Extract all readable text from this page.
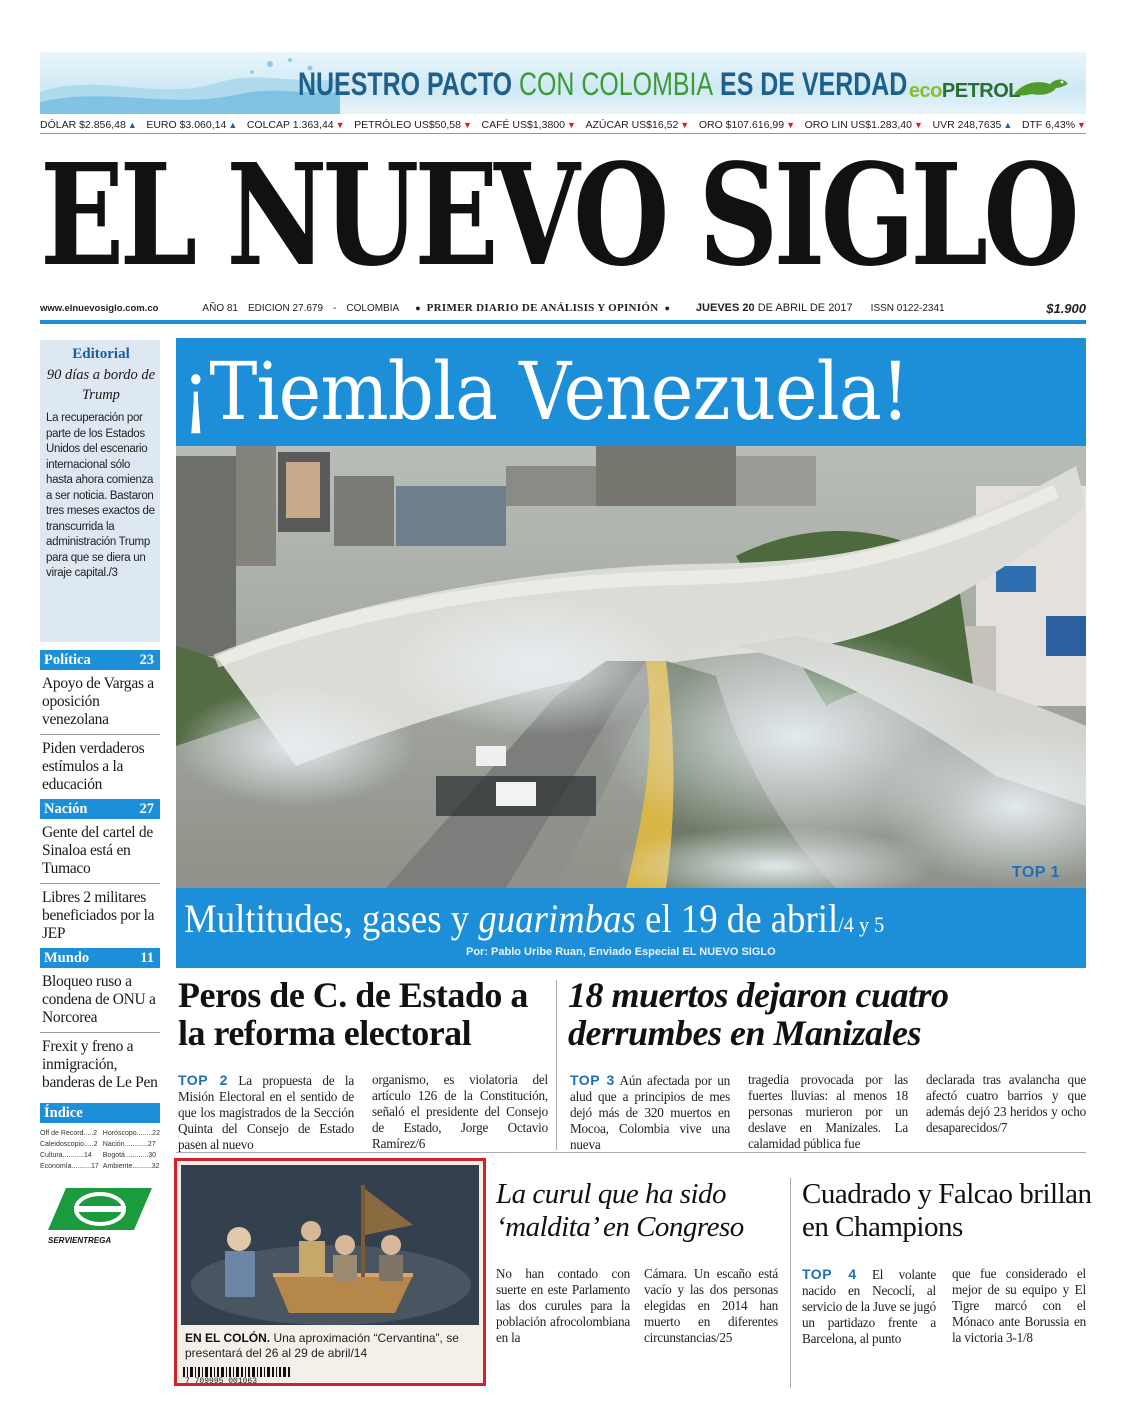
NUESTRO PACTO CON COLOMBIA ES DE VERDAD ecoPETROL
DÓLAR $2.856,48 ▲ EURO $3.060,14 ▲ COLCAP 1.363,44 ▼ PETRÓLEO US$50,58 ▼ CAFÉ US$1,3800 ▼ AZÚCAR US$16,52 ▼ ORO $107.616,99 ▼ ORO LIN US$1.283,40 ▼ UVR 248,7635 ▲ DTF 6,43% ▼
EL NUEVO SIGLO
www.elnuevosiglo.com.co	AÑO 81 EDICION 27.679 - COLOMBIA ● PRIMER DIARIO DE ANÁLISIS Y OPINIÓN ● JUEVES 20 DE ABRIL DE 2017 ISSN 0122-2341	$1.900
Editorial
90 días a bordo de Trump
La recuperación por parte de los Estados Unidos del escenario internacional sólo hasta ahora comienza a ser noticia. Bastaron tres meses exactos de transcurrida la administración Trump para que se diera un viraje capital./3
Política	23
Apoyo de Vargas a oposición venezolana
Piden verdaderos estímulos a la educación
Nación	27
Gente del cartel de Sinaloa está en Tumaco
Libres 2 militares beneficiados por la JEP
Mundo	11
Bloqueo ruso a condena de ONU a Norcorea
Frexit y freno a inmigración, banderas de Le Pen
Índice
Off de Record.....2 Horóscopo........22
Caleidoscopio.....2 Nación............27
Cultura...........14	Bogotá............30
Economía..........17 Ambiente..........32
SERVIENTREGA
¡Tiembla Venezuela!
TOP 1
Multitudes, gases y guarimbas el 19 de abril/4 y 5
Por: Pablo Uribe Ruan, Enviado Especial EL NUEVO SIGLO
Peros de C. de Estado a la reforma electoral
18 muertos dejaron cuatro derrumbes en Manizales
TOP 2 La propuesta de la Misión Electoral en el sentido de que los magistrados de la Sección Quinta del Consejo de Estado pasen al nuevo
organismo, es violatoria del artículo 126 de la Constitución, señaló el presidente del Consejo de Estado, Jorge Octavio Ramírez/6
TOP 3 Aún afectada por un alud que a principios de mes dejó más de 320 muertos en Mocoa, Colombia vive una nueva
tragedia provocada por las fuertes lluvias: al menos 18 personas murieron por un deslave en Manizales. La calamidad pública fue
declarada tras avalancha que afectó cuatro barrios y que además dejó 23 heridos y ocho desaparecidos/7
EN EL COLÓN. Una aproximación “Cervantina”, se presentará del 26 al 29 de abril/14
7 709995 001063
La curul que ha sido ‘maldita’ en Congreso
Cuadrado y Falcao brillan en Champions
No han contado con suerte en este Parlamento las dos curules para la población afrocolombiana en la
Cámara. Un escaño está vacío y las dos personas elegidas en 2014 han muerto en diferentes circunstancias/25
TOP 4 El volante nacido en Necoclí, al servicio de la Juve se jugó un partidazo frente a Barcelona, al punto
que fue considerado el mejor de su equipo y El Tigre marcó con el Mónaco ante Borussia en la victoria 3-1/8
